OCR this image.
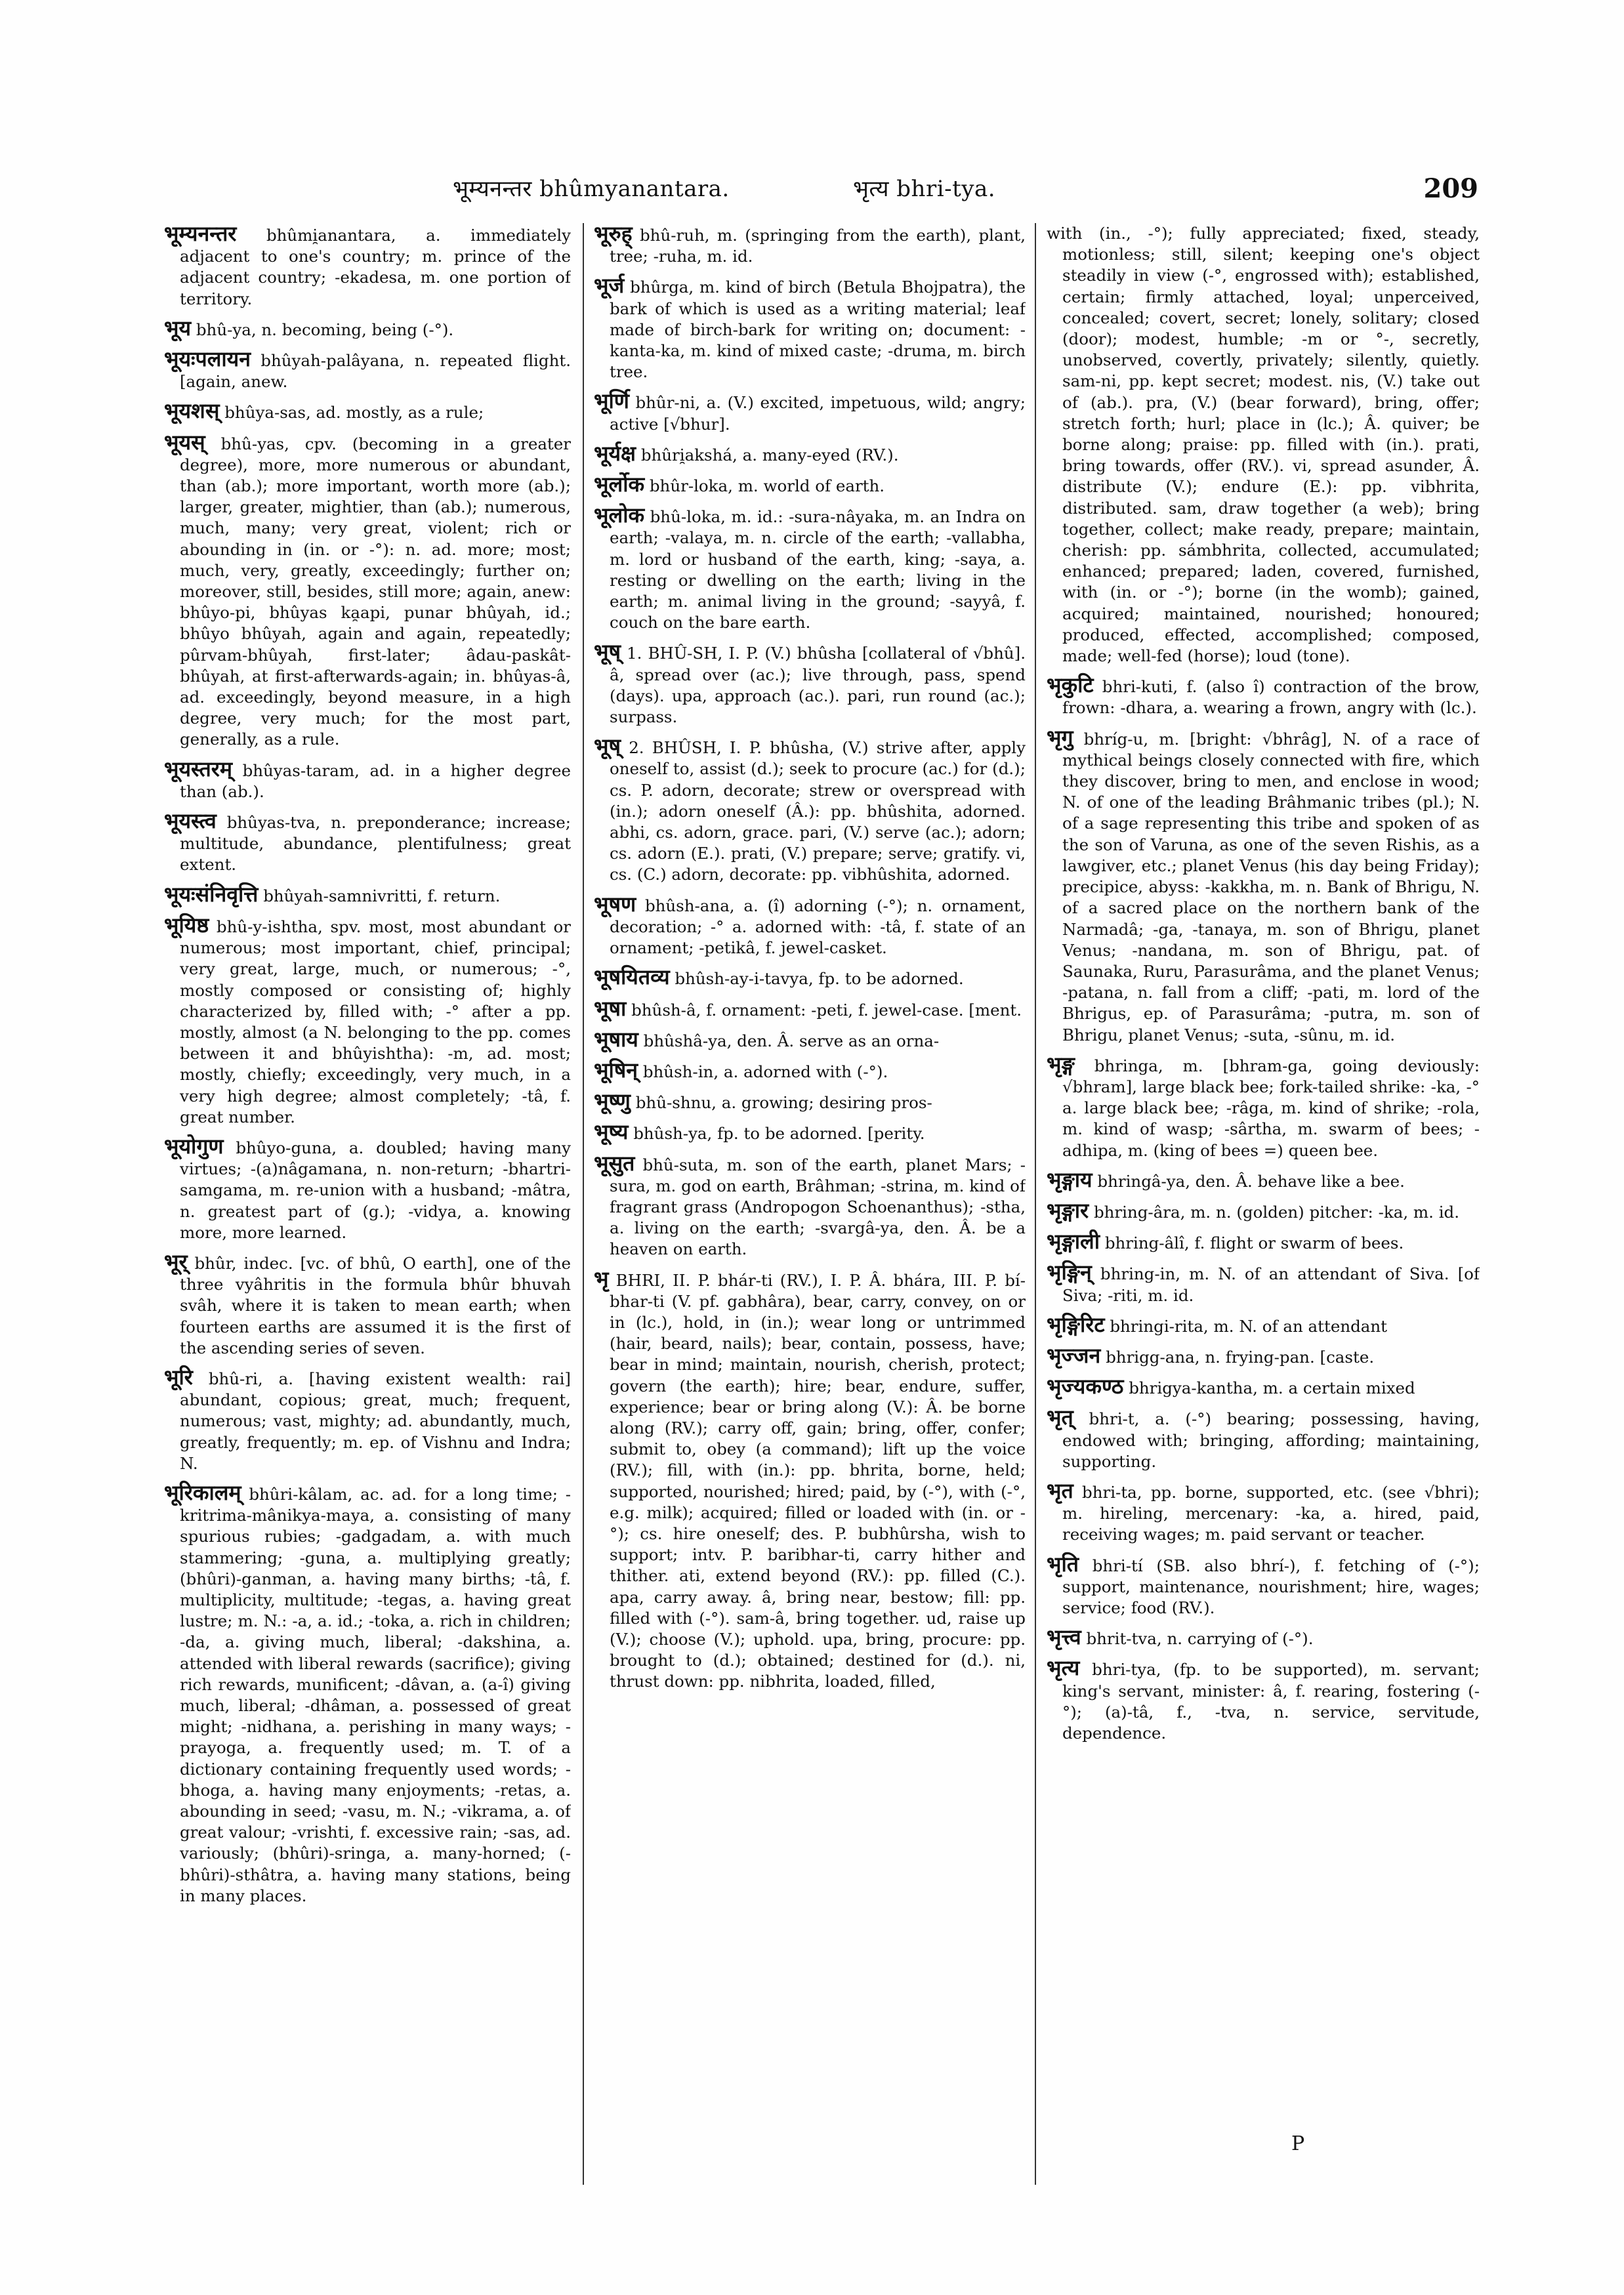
भूम्यनन्तर bhûmyanantara.	भृत्य bhri-tya.	209

भूम्यनन्तर bhûmi̯anantara, a. immediately adjacent to one's country; m. prince of the adjacent country; -ekadesa, m. one portion of territory.

भूय bhû-ya, n. becoming, being (-°).

भूयःपलायन bhûyah-palâyana, n. repeated flight. [again, anew.

भूयशस् bhûya-sas, ad. mostly, as a rule;

भूयस् bhû-yas, cpv. (becoming in a greater degree), more, more numerous or abundant, than (ab.); more important, worth more (ab.); larger, greater, mightier, than (ab.); numerous, much, many; very great, violent; rich or abounding in (in. or -°): n. ad. more; most; much, very, greatly, exceedingly; further on; moreover, still, besides, still more; again, anew: bhûyo-pi, bhûyas ka̯api, punar bhûyah, id.; bhûyo bhûyah, again and again, repeatedly; pûrvam-bhûyah, first-later; âdau-paskât-bhûyah, at first-afterwards-again; in. bhûyas-â, ad. exceedingly, beyond measure, in a high degree, very much; for the most part, generally, as a rule.

भूयस्तरम् bhûyas-taram, ad. in a higher degree than (ab.).

भूयस्त्व bhûyas-tva, n. preponderance; increase; multitude, abundance, plentifulness; great extent.

भूयःसंनिवृत्ति bhûyah-samnivritti, f. return.

भूयिष्ठ bhû-y-ishtha, spv. most, most abundant or numerous; most important, chief, principal; very great, large, much, or numerous; -°, mostly composed or consisting of; highly characterized by, filled with; -° after a pp. mostly, almost (a N. belonging to the pp. comes between it and bhûyishtha): -m, ad. most; mostly, chiefly; exceedingly, very much, in a very high degree; almost completely; -tâ, f. great number.

भूयोगुण bhûyo-guna, a. doubled; having many virtues; -(a)nâgamana, n. non-return; -bhartri-samgama, m. re-union with a husband; -mâtra, n. greatest part of (g.); -vidya, a. knowing more, more learned.

भूर् bhûr, indec. [vc. of bhû, O earth], one of the three vyâhritis in the formula bhûr bhuvah svâh, where it is taken to mean earth; when fourteen earths are assumed it is the first of the ascending series of seven.

भूरि bhû-ri, a. [having existent wealth: rai] abundant, copious; great, much; frequent, numerous; vast, mighty; ad. abundantly, much, greatly, frequently; m. ep. of Vishnu and Indra; N.

भूरिकालम् bhûri-kâlam, ac. ad. for a long time; -kritrima-mânikya-maya, a. consisting of many spurious rubies; -gadgadam, a. with much stammering; -guna, a. multiplying greatly; (bhûri)-ganman, a. having many births; -tâ, f. multiplicity, multitude; -tegas, a. having great lustre; m. N.: -a, a. id.; -toka, a. rich in children; -da, a. giving much, liberal; -dakshina, a. attended with liberal rewards (sacrifice); giving rich rewards, munificent; -dâvan, a. (a-î) giving much, liberal; -dhâman, a. possessed of great might; -nidhana, a. perishing in many ways; -prayoga, a. frequently used; m. T. of a dictionary containing frequently used words; -bhoga, a. having many enjoyments; -retas, a. abounding in seed; -vasu, m. N.; -vikrama, a. of great valour; -vrishti, f. excessive rain; -sas, ad. variously; (bhûri)-sringa, a. many-horned; (-bhûri)-sthâtra, a. having many stations, being in many places.

भूरुह् bhû-ruh, m. (springing from the earth), plant, tree; -ruha, m. id.

भूर्ज bhûrga, m. kind of birch (Betula Bhojpatra), the bark of which is used as a writing material; leaf made of birch-bark for writing on; document: -kanta-ka, m. kind of mixed caste; -druma, m. birch tree.

भूर्णि bhûr-ni, a. (V.) excited, impetuous, wild; angry; active [√bhur].

भूर्यक्ष bhûri̯akshá, a. many-eyed (RV.).

भूर्लोक bhûr-loka, m. world of earth.

भूलोक bhû-loka, m. id.: -sura-nâyaka, m. an Indra on earth; -valaya, m. n. circle of the earth; -vallabha, m. lord or husband of the earth, king; -saya, a. resting or dwelling on the earth; living in the earth; m. animal living in the ground; -sayyâ, f. couch on the bare earth.

भूष् 1. BHÛ-SH, I. P. (V.) bhûsha [collateral of √bhû]. â, spread over (ac.); live through, pass, spend (days). upa, approach (ac.). pari, run round (ac.); surpass.

भूष् 2. BHÛSH, I. P. bhûsha, (V.) strive after, apply oneself to, assist (d.); seek to procure (ac.) for (d.); cs. P. adorn, decorate; strew or overspread with (in.); adorn oneself (Â.): pp. bhûshita, adorned. abhi, cs. adorn, grace. pari, (V.) serve (ac.); adorn; cs. adorn (E.). prati, (V.) prepare; serve; gratify. vi, cs. (C.) adorn, decorate: pp. vibhûshita, adorned.

भूषण bhûsh-ana, a. (î) adorning (-°); n. ornament, decoration; -° a. adorned with: -tâ, f. state of an ornament; -petikâ, f. jewel-casket.

भूषयितव्य bhûsh-ay-i-tavya, fp. to be adorned.

भूषा bhûsh-â, f. ornament: -peti, f. jewel-case. [ment.

भूषाय bhûshâ-ya, den. Â. serve as an orna-

भूषिन् bhûsh-in, a. adorned with (-°).

भूष्णु bhû-shnu, a. growing; desiring pros-

भूष्य bhûsh-ya, fp. to be adorned. [perity.

भूसुत bhû-suta, m. son of the earth, planet Mars; -sura, m. god on earth, Brâhman; -strina, m. kind of fragrant grass (Andropogon Schoenanthus); -stha, a. living on the earth; -svargâ-ya, den. Â. be a heaven on earth.

भृ BHRI, II. P. bhár-ti (RV.), I. P. Â. bhára, III. P. bí-bhar-ti (V. pf. gabhâra), bear, carry, convey, on or in (lc.), hold, in (in.); wear long or untrimmed (hair, beard, nails); bear, contain, possess, have; bear in mind; maintain, nourish, cherish, protect; govern (the earth); hire; bear, endure, suffer, experience; bear or bring along (V.): Â. be borne along (RV.); carry off, gain; bring, offer, confer; submit to, obey (a command); lift up the voice (RV.); fill, with (in.): pp. bhrita, borne, held; supported, nourished; hired; paid, by (-°), with (-°, e.g. milk); acquired; filled or loaded with (in. or -°); cs. hire oneself; des. P. bubhûrsha, wish to support; intv. P. baribhar-ti, carry hither and thither. ati, extend beyond (RV.): pp. filled (C.). apa, carry away. â, bring near, bestow; fill: pp. filled with (-°). sam-â, bring together. ud, raise up (V.); choose (V.); uphold. upa, bring, procure: pp. brought to (d.); obtained; destined for (d.). ni, thrust down: pp. nibhrita, loaded, filled,

with (in., -°); fully appreciated; fixed, steady, motionless; still, silent; keeping one's object steadily in view (-°, engrossed with); established, certain; firmly attached, loyal; unperceived, concealed; covert, secret; lonely, solitary; closed (door); modest, humble; -m or °-, secretly, unobserved, covertly, privately; silently, quietly. sam-ni, pp. kept secret; modest. nis, (V.) take out of (ab.). pra, (V.) (bear forward), bring, offer; stretch forth; hurl; place in (lc.); Â. quiver; be borne along; praise: pp. filled with (in.). prati, bring towards, offer (RV.). vi, spread asunder, Â. distribute (V.); endure (E.): pp. vibhrita, distributed. sam, draw together (a web); bring together, collect; make ready, prepare; maintain, cherish: pp. sámbhrita, collected, accumulated; enhanced; prepared; laden, covered, furnished, with (in. or -°); borne (in the womb); gained, acquired; maintained, nourished; honoured; produced, effected, accomplished; composed, made; well-fed (horse); loud (tone).

भृकुटि bhri-kuti, f. (also î) contraction of the brow, frown: -dhara, a. wearing a frown, angry with (lc.).

भृगु bhríg-u, m. [bright: √bhrâg], N. of a race of mythical beings closely connected with fire, which they discover, bring to men, and enclose in wood; N. of one of the leading Brâhmanic tribes (pl.); N. of a sage representing this tribe and spoken of as the son of Varuna, as one of the seven Rishis, as a lawgiver, etc.; planet Venus (his day being Friday); precipice, abyss: -kakkha, m. n. Bank of Bhrigu, N. of a sacred place on the northern bank of the Narmadâ; -ga, -tanaya, m. son of Bhrigu, planet Venus; -nandana, m. son of Bhrigu, pat. of Saunaka, Ruru, Parasurâma, and the planet Venus; -patana, n. fall from a cliff; -pati, m. lord of the Bhrigus, ep. of Parasurâma; -putra, m. son of Bhrigu, planet Venus; -suta, -sûnu, m. id.

भृङ्ग bhringa, m. [bhram-ga, going deviously: √bhram], large black bee; fork-tailed shrike: -ka, -° a. large black bee; -râga, m. kind of shrike; -rola, m. kind of wasp; -sârtha, m. swarm of bees; -adhipa, m. (king of bees =) queen bee.

भृङ्गाय bhringâ-ya, den. Â. behave like a bee.

भृङ्गार bhring-âra, m. n. (golden) pitcher: -ka, m. id.

भृङ्गाली bhring-âlî, f. flight or swarm of bees.

भृङ्गिन् bhring-in, m. N. of an attendant of Siva. [of Siva; -riti, m. id.

भृङ्गिरिट bhringi-rita, m. N. of an attendant

भृज्जन bhrigg-ana, n. frying-pan. [caste.

भृज्यकण्ठ bhrigya-kantha, m. a certain mixed

भृत् bhri-t, a. (-°) bearing; possessing, having, endowed with; bringing, affording; maintaining, supporting.

भृत bhri-ta, pp. borne, supported, etc. (see √bhri); m. hireling, mercenary: -ka, a. hired, paid, receiving wages; m. paid servant or teacher.

भृति bhri-tí (SB. also bhrí-), f. fetching of (-°); support, maintenance, nourishment; hire, wages; service; food (RV.).

भृत्त्व bhrit-tva, n. carrying of (-°).

भृत्य bhri-tya, (fp. to be supported), m. servant; king's servant, minister: â, f. rearing, fostering (-°); (a)-tâ, f., -tva, n. service, servitude, dependence.

P
